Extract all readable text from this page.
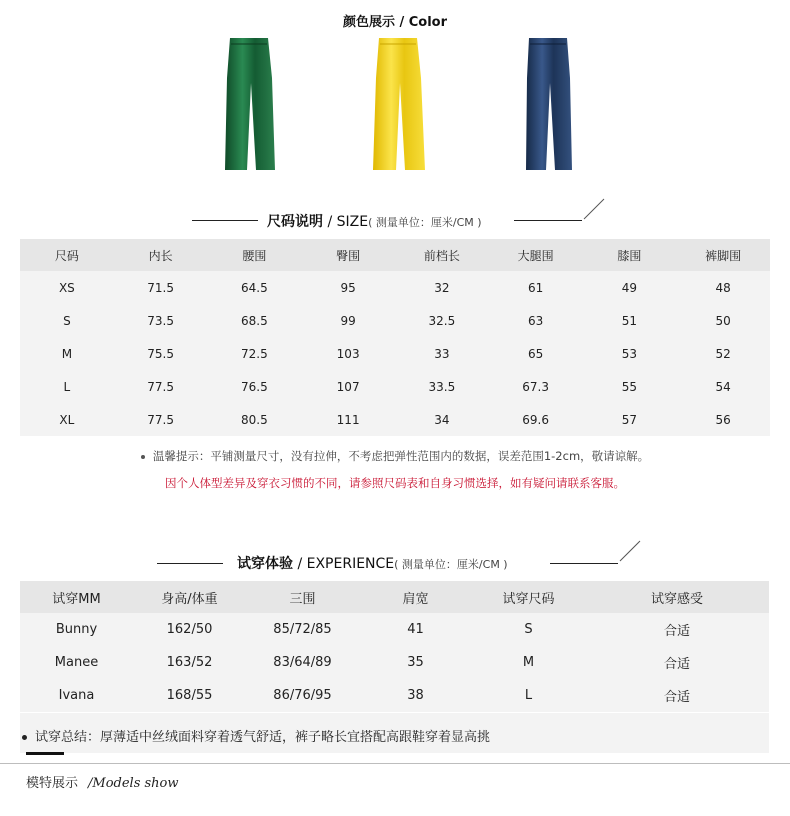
颜色展示 / Color
尺码说明 / SIZE( 测量单位：厘米/CM )
尺码	内长	腰围	臀围	前档长	大腿围	膝围	裤脚围
XS	71.5	64.5	95	32	61	49	48
S	73.5	68.5	99	32.5	63	51	50
M	75.5	72.5	103	33	65	53	52
L	77.5	76.5	107	33.5	67.3	55	54
XL	77.5	80.5	111	34	69.6	57	56
温馨提示：平铺测量尺寸，没有拉伸，不考虑把弹性范围内的数据，误差范围1-2cm，敬请谅解。
因个人体型差异及穿衣习惯的不同，请参照尺码表和自身习惯选择，如有疑问请联系客服。
试穿体验 / EXPERIENCE( 测量单位：厘米/CM )
试穿MM	身高/体重	三围	肩宽	试穿尺码	试穿感受
Bunny	162/50	85/72/85	41	S	合适
Manee	163/52	83/64/89	35	M	合适
Ivana	168/55	86/76/95	38	L	合适
试穿总结：厚薄适中丝绒面料穿着透气舒适，裤子略长宜搭配高跟鞋穿着显高挑
模特展示 /Models show
